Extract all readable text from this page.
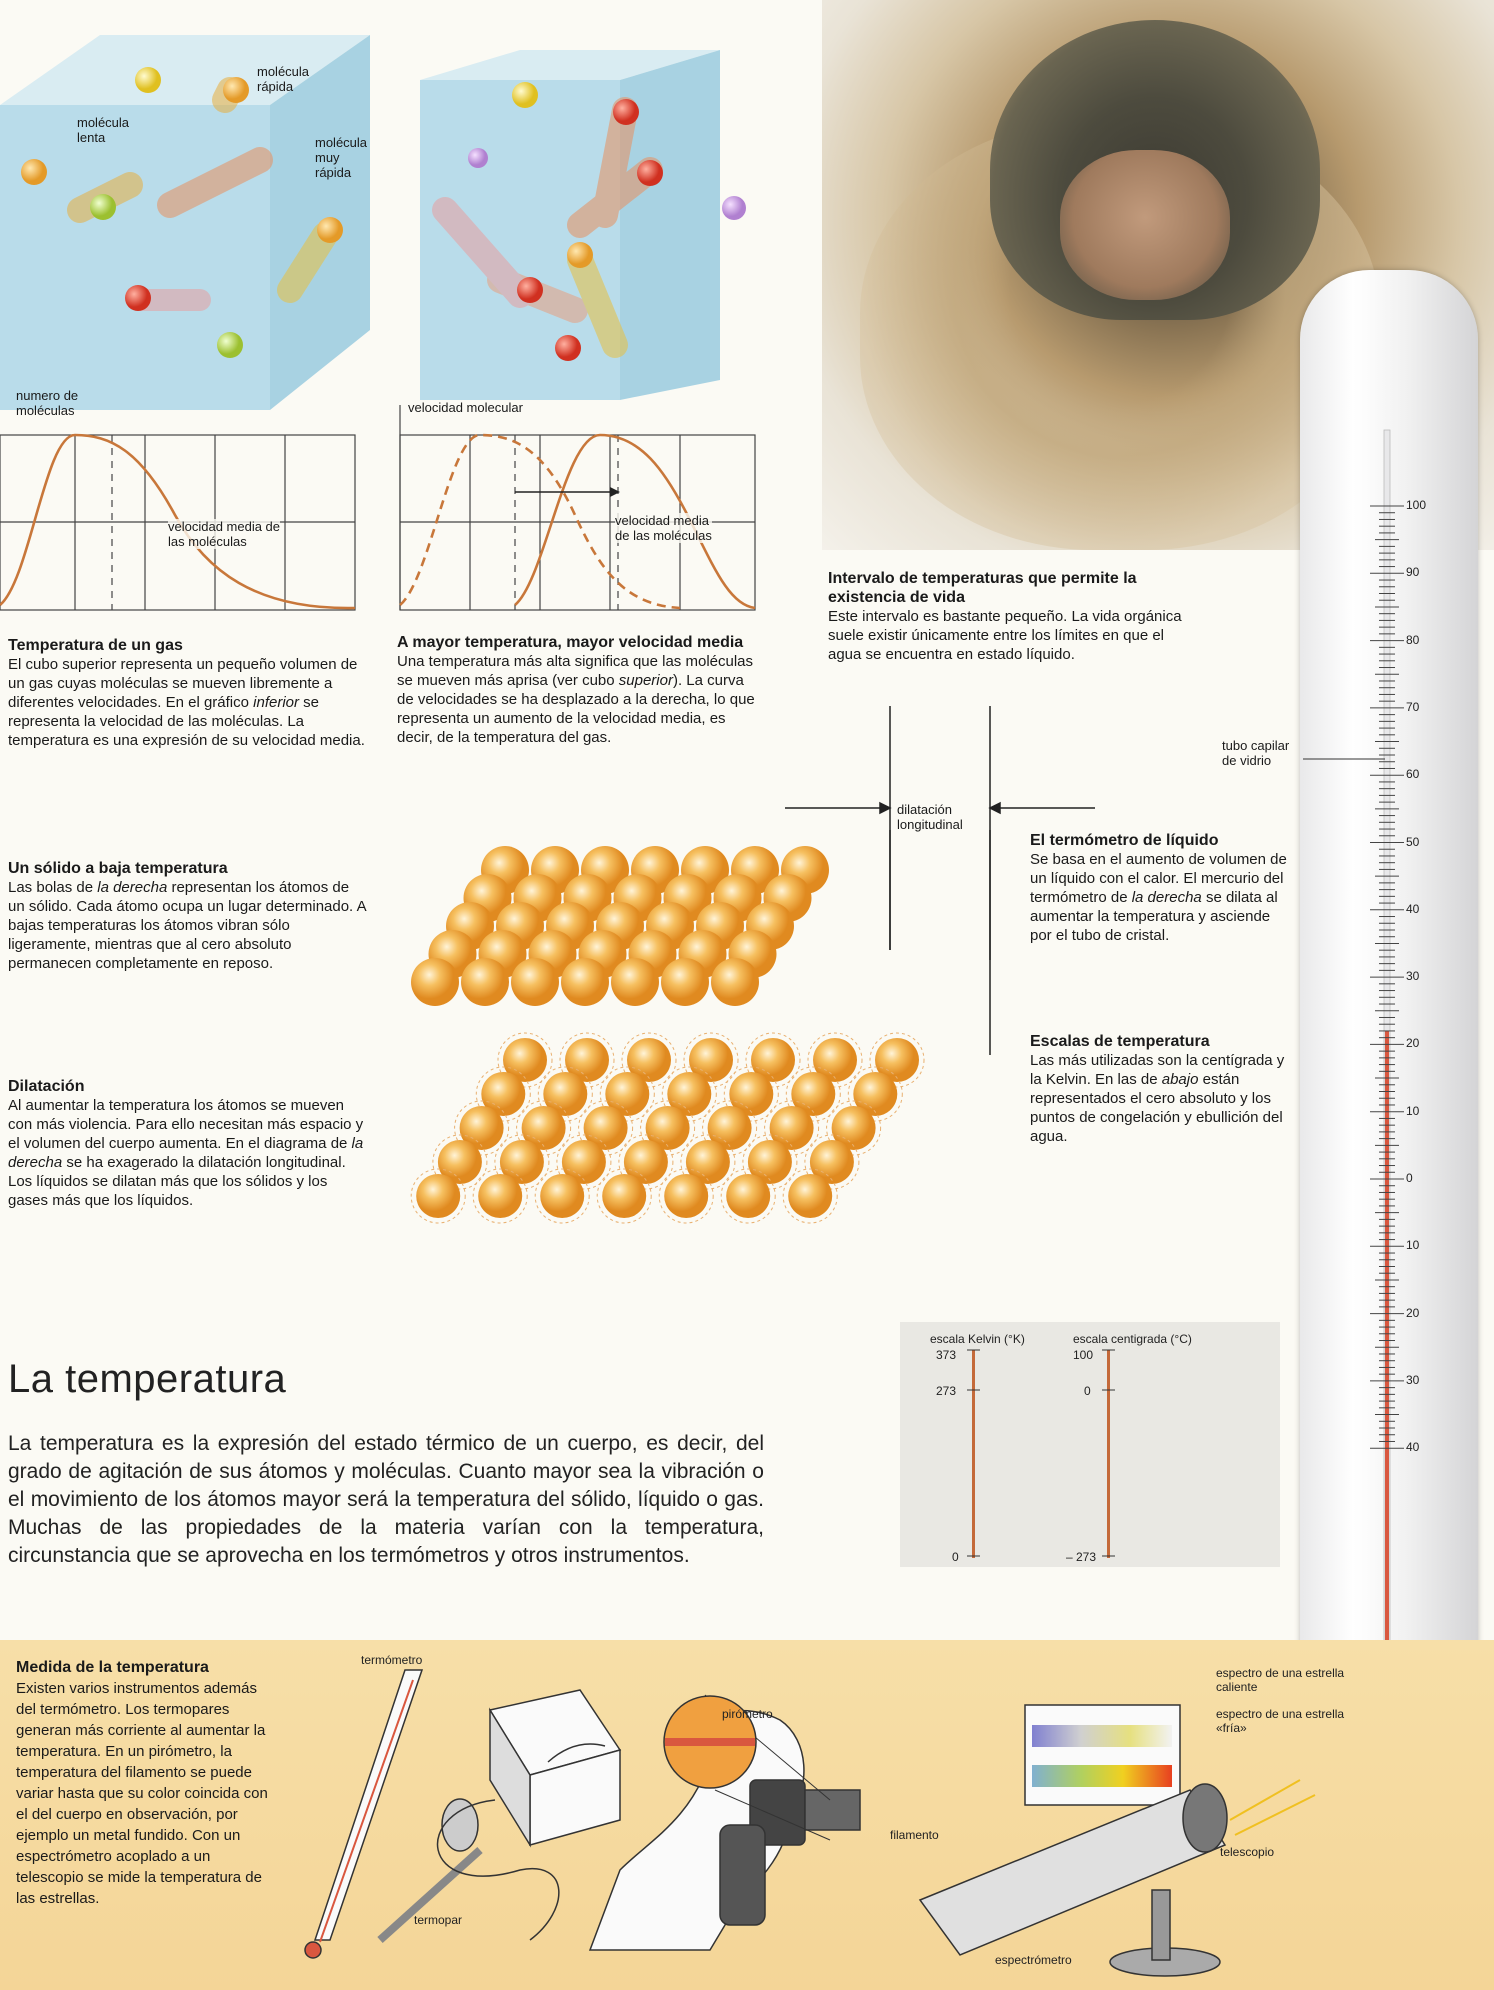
molécula
rápida
molécula
lenta	molécula
muy
rápida
numero de
moléculas
velocidad media de
las moléculas
velocidad molecular
velocidad media
de las moléculas
Temperatura de un gas
El cubo superior representa un pequeño volumen de un gas cuyas moléculas se mueven libremente a diferentes velocidades. En el gráfico inferior se representa la velocidad de las moléculas. La temperatura es una expresión de su velocidad media.
A mayor temperatura, mayor velocidad media
Una temperatura más alta significa que las moléculas se mueven más aprisa (ver cubo superior). La curva de velocidades se ha desplazado a la derecha, lo que representa un aumento de la velocidad media, es decir, de la temperatura del gas.
Intervalo de temperaturas que permite la existencia de vida
Este intervalo es bastante pequeño. La vida orgánica suele existir únicamente entre los límites en que el agua se encuentra en estado líquido.
Un sólido a baja temperatura
Las bolas de la derecha representan los átomos de un sólido. Cada átomo ocupa un lugar determinado. A bajas temperaturas los átomos vibran sólo ligeramente, mientras que al cero absoluto permanecen completamente en reposo.
Dilatación
Al aumentar la temperatura los átomos se mueven con más violencia. Para ello necesitan más espacio y el volumen del cuerpo aumenta. En el diagrama de la derecha se ha exagerado la dilatación longitudinal. Los líquidos se dilatan más que los sólidos y los gases más que los líquidos.
El termómetro de líquido
Se basa en el aumento de volumen de un líquido con el calor. El mercurio del termómetro de la derecha se dilata al aumentar la temperatura y asciende por el tubo de cristal.
Escalas de temperatura
Las más utilizadas son la centígrada y la Kelvin. En las de abajo están representados el cero absoluto y los puntos de congelación y ebullición del agua.
dilatación
longitudinal
100
90
80
70
60
50
40
30
20
10
0
10
20
30
40
tubo capilar
de vidrio
escala Kelvin (°K)	escala centigrada (°C)
373
273
0
100
0
– 273
La temperatura
La temperatura es la expresión del estado térmico de un cuerpo, es decir, del grado de agitación de sus átomos y moléculas. Cuanto mayor sea la vibración o el movimiento de los átomos mayor será la temperatura del sólido, líquido o gas. Muchas de las propiedades de la materia varían con la temperatura, circunstancia que se aprovecha en los termómetros y otros instrumentos.
Medida de la temperatura
Existen varios instrumentos además del termómetro. Los termopares generan más corriente al aumentar la temperatura. En un pirómetro, la temperatura del filamento se puede variar hasta que su color coincida con el del cuerpo en observación, por ejemplo un metal fundido. Con un espectrómetro acoplado a un telescopio se mide la temperatura de las estrellas.
termómetro
termopar
pirómetro
filamento
espectrómetro
telescopio
espectro de una estrella
caliente
espectro de una estrella
«fría»
